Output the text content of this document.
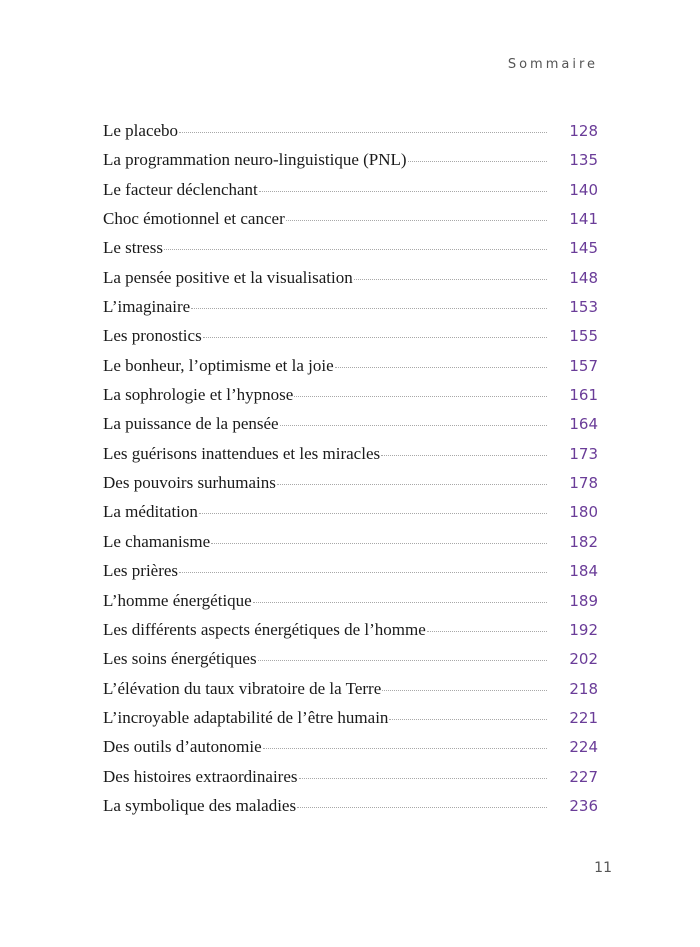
Sommaire
Le placebo	128
La programmation neuro-linguistique (PNL)	135
Le facteur déclenchant	140
Choc émotionnel et cancer	141
Le stress	145
La pensée positive et la visualisation	148
L’imaginaire	153
Les pronostics	155
Le bonheur, l’optimisme et la joie	157
La sophrologie et l’hypnose	161
La puissance de la pensée	164
Les guérisons inattendues et les miracles	173
Des pouvoirs surhumains	178
La méditation	180
Le chamanisme	182
Les prières	184
L’homme énergétique	189
Les différents aspects énergétiques de l’homme	192
Les soins énergétiques	202
L’élévation du taux vibratoire de la Terre	218
L’incroyable adaptabilité de l’être humain	221
Des outils d’autonomie	224
Des histoires extraordinaires	227
La symbolique des maladies	236
11
